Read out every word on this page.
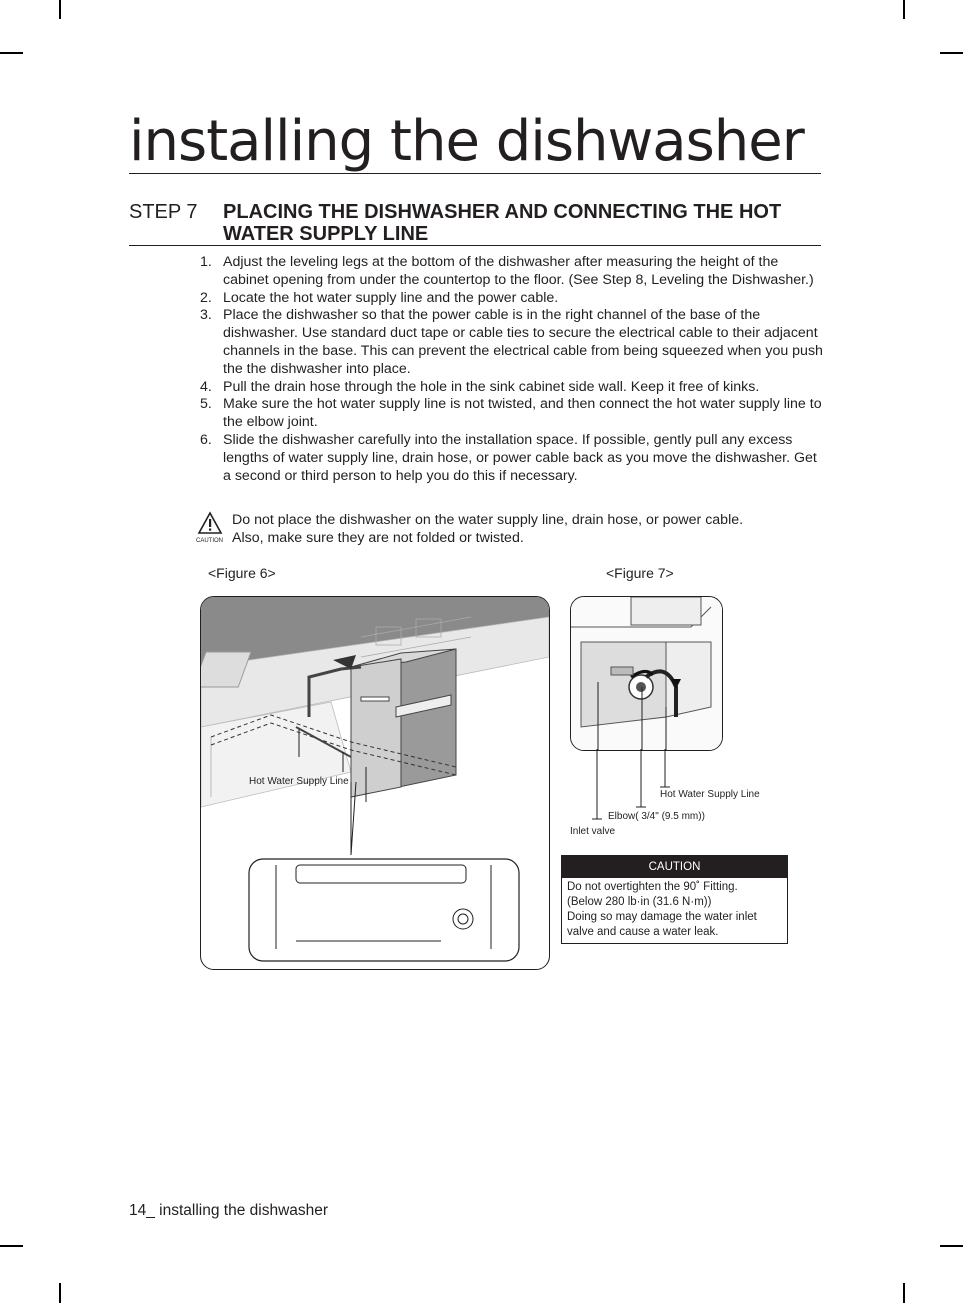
installing the dishwasher
STEP 7 PLACING THE DISHWASHER AND CONNECTING THE HOT WATER SUPPLY LINE
1. Adjust the leveling legs at the bottom of the dishwasher after measuring the height of the cabinet opening from under the countertop to the floor. (See Step 8, Leveling the Dishwasher.)
2. Locate the hot water supply line and the power cable.
3. Place the dishwasher so that the power cable is in the right channel of the base of the dishwasher. Use standard duct tape or cable ties to secure the electrical cable to their adjacent channels in the base. This can prevent the electrical cable from being squeezed when you push the the dishwasher into place.
4. Pull the drain hose through the hole in the sink cabinet side wall. Keep it free of kinks.
5. Make sure the hot water supply line is not twisted, and then connect the hot water supply line to the elbow joint.
6. Slide the dishwasher carefully into the installation space. If possible, gently pull any excess lengths of water supply line, drain hose, or power cable back as you move the dishwasher. Get a second or third person to help you do this if necessary.
CAUTION
Do not place the dishwasher on the water supply line, drain hose, or power cable.
Also, make sure they are not folded or twisted.
<Figure 6>	<Figure 7>
Hot Water Supply Line
Hot Water Supply Line
Elbow( 3/4" (9.5 mm))
Inlet valve
CAUTION
Do not overtighten the 90˚ Fitting.
(Below 280 lb·in (31.6 N·m))
Doing so may damage the water inlet
valve and cause a water leak.
14_ installing the dishwasher
